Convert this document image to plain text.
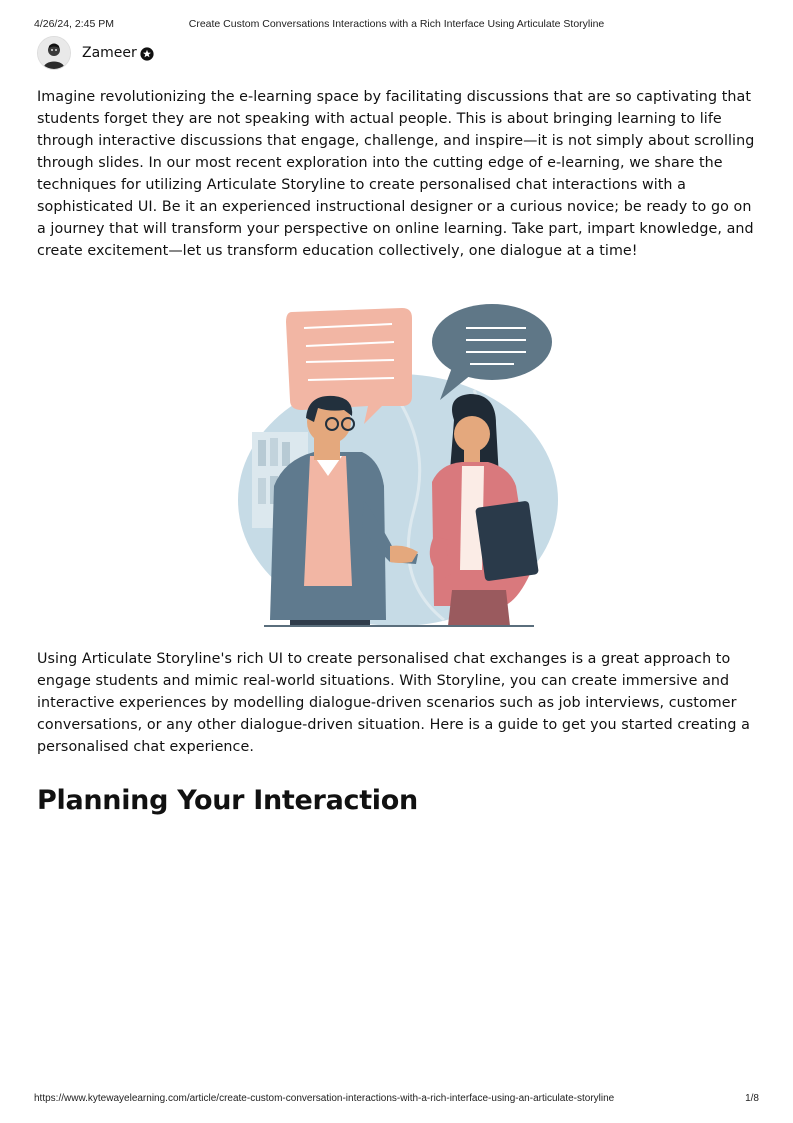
4/26/24, 2:45 PM	Create Custom Conversations Interactions with a Rich Interface Using Articulate Storyline
Zameer

Imagine revolutionizing the e-learning space by facilitating discussions that are so captivating that students forget they are not speaking with actual people. This is about bringing learning to life through interactive discussions that engage, challenge, and inspire—it is not simply about scrolling through slides. In our most recent exploration into the cutting edge of e-learning, we share the techniques for utilizing Articulate Storyline to create personalised chat interactions with a sophisticated UI. Be it an experienced instructional designer or a curious novice; be ready to go on a journey that will transform your perspective on online learning. Take part, impart knowledge, and create excitement—let us transform education collectively, one dialogue at a time!

Using Articulate Storyline's rich UI to create personalised chat exchanges is a great approach to engage students and mimic real-world situations. With Storyline, you can create immersive and interactive experiences by modelling dialogue-driven scenarios such as job interviews, customer conversations, or any other dialogue-driven situation. Here is a guide to get you started creating a personalised chat experience.

Planning Your Interaction
https://www.kytewayelearning.com/article/create-custom-conversation-interactions-with-a-rich-interface-using-an-articulate-storyline	1/8
